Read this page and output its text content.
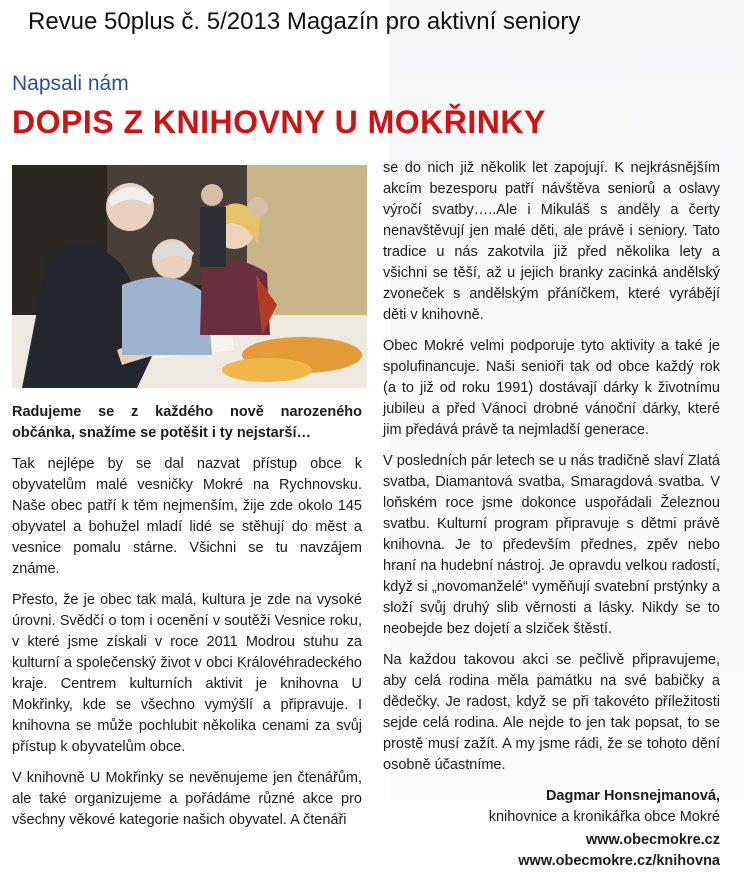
Revue 50plus č. 5/2013 Magazín pro aktivní seniory
Napsali nám
DOPIS Z KNIHOVNY U MOKŘINKY

Radujeme se z každého nově narozeného občánka, snažíme se potěšit i ty nejstarší…

Tak nejlépe by se dal nazvat přístup obce k obyvatelům malé vesničky Mokré na Rychnovsku. Naše obec patří k těm nejmenším, žije zde okolo 145 obyvatel a bohužel mladí lidé se stěhují do měst a vesnice pomalu stárne. Všichni se tu navzájem známe.

Přesto, že je obec tak malá, kultura je zde na vysoké úrovni. Svědčí o tom i ocenění v soutěži Vesnice roku, v které jsme získali v roce 2011 Modrou stuhu za kulturní a společenský život v obci Královéhradeckého kraje. Centrem kulturních aktivit je knihovna U Mokřinky, kde se všechno vymýšlí a připravuje. I knihovna se může pochlubit několika cenami za svůj přístup k obyvatelům obce.

V knihovně U Mokřinky se nevěnujeme jen čtenářům, ale také organizujeme a pořádáme různé akce pro všechny věkové kategorie našich obyvatel. A čtenáři

se do nich již několik let zapojují. K nejkrásnějším akcím bezesporu patří návštěva seniorů a oslavy výročí svatby…..Ale i Mikuláš s anděly a čerty nenavštěvují jen malé děti, ale právě i seniory. Tato tradice u nás zakotvila již před několika lety a všichni se těší, až u jejich branky zacinká andělský zvoneček s andělským přáníčkem, které vyrábějí děti v knihovně.

Obec Mokré velmi podporuje tyto aktivity a také je spolufinancuje. Naši senioři tak od obce každý rok (a to již od roku 1991) dostávají dárky k životnímu jubileu a před Vánoci drobné vánoční dárky, které jim předává právě ta nejmladší generace.

V posledních pár letech se u nás tradičně slaví Zlatá svatba, Diamantová svatba, Smaragdová svatba. V loňském roce jsme dokonce uspořádali Železnou svatbu. Kulturní program připravuje s dětmi právě knihovna. Je to především přednes, zpěv nebo hraní na hudební nástroj. Je opravdu velkou radostí, když si „novomanželé“ vyměňují svatební prstýnky a složí svůj druhý slib věrnosti a lásky. Nikdy se to neobejde bez dojetí a slziček štěstí.

Na každou takovou akci se pečlivě připravujeme, aby celá rodina měla památku na své babičky a dědečky. Je radost, když se při takovéto příležitosti sejde celá rodina. Ale nejde to jen tak popsat, to se prostě musí zažít. A my jsme rádi, že se tohoto dění osobně účastníme.

Dagmar Honsnejmanová,
knihovnice a kronikářka obce Mokré
www.obecmokre.cz www.obecmokre.cz/knihovna
